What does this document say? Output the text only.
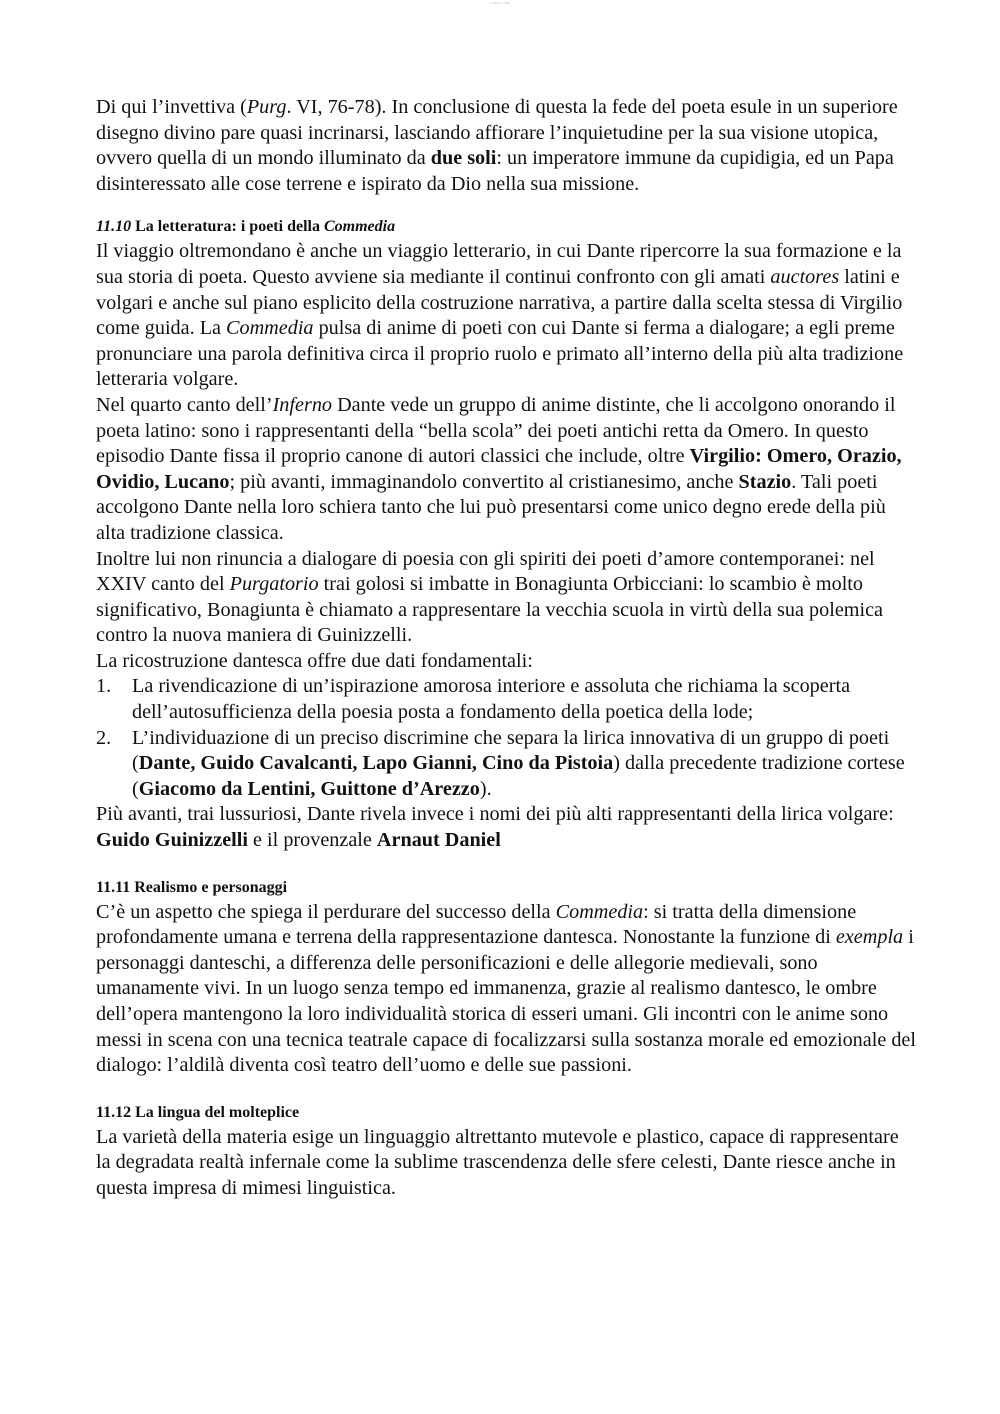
Lusso Unifi

Di qui l’invettiva (Purg. VI, 76-78). In conclusione di questa la fede del poeta esule in un superiore disegno divino pare quasi incrinarsi, lasciando affiorare l’inquietudine per la sua visione utopica, ovvero quella di un mondo illuminato da due soli: un imperatore immune da cupidigia, ed un Papa disinteressato alle cose terrene e ispirato da Dio nella sua missione.

11.10 La letteratura: i poeti della Commedia

Il viaggio oltremondano è anche un viaggio letterario, in cui Dante ripercorre la sua formazione e la sua storia di poeta. Questo avviene sia mediante il continui confronto con gli amati auctores latini e volgari e anche sul piano esplicito della costruzione narrativa, a partire dalla scelta stessa di Virgilio come guida. La Commedia pulsa di anime di poeti con cui Dante si ferma a dialogare; a egli preme pronunciare una parola definitiva circa il proprio ruolo e primato all’interno della più alta tradizione letteraria volgare.

Nel quarto canto dell’Inferno Dante vede un gruppo di anime distinte, che li accolgono onorando il poeta latino: sono i rappresentanti della “bella scola” dei poeti antichi retta da Omero. In questo episodio Dante fissa il proprio canone di autori classici che include, oltre Virgilio: Omero, Orazio, Ovidio, Lucano; più avanti, immaginandolo convertito al cristianesimo, anche Stazio. Tali poeti accolgono Dante nella loro schiera tanto che lui può presentarsi come unico degno erede della più alta tradizione classica.

Inoltre lui non rinuncia a dialogare di poesia con gli spiriti dei poeti d’amore contemporanei: nel XXIV canto del Purgatorio trai golosi si imbatte in Bonagiunta Orbicciani: lo scambio è molto significativo, Bonagiunta è chiamato a rappresentare la vecchia scuola in virtù della sua polemica contro la nuova maniera di Guinizzelli.

La ricostruzione dantesca offre due dati fondamentali:

1. La rivendicazione di un’ispirazione amorosa interiore e assoluta che richiama la scoperta dell’autosufficienza della poesia posta a fondamento della poetica della lode;
2. L’individuazione di un preciso discrimine che separa la lirica innovativa di un gruppo di poeti (Dante, Guido Cavalcanti, Lapo Gianni, Cino da Pistoia) dalla precedente tradizione cortese (Giacomo da Lentini, Guittone d’Arezzo).

Più avanti, trai lussuriosi, Dante rivela invece i nomi dei più alti rappresentanti della lirica volgare: Guido Guinizzelli e il provenzale Arnaut Daniel

11.11 Realismo e personaggi

C’è un aspetto che spiega il perdurare del successo della Commedia: si tratta della dimensione profondamente umana e terrena della rappresentazione dantesca. Nonostante la funzione di exempla i personaggi danteschi, a differenza delle personificazioni e delle allegorie medievali, sono umanamente vivi. In un luogo senza tempo ed immanenza, grazie al realismo dantesco, le ombre dell’opera mantengono la loro individualità storica di esseri umani. Gli incontri con le anime sono messi in scena con una tecnica teatrale capace di focalizzarsi sulla sostanza morale ed emozionale del dialogo: l’aldilà diventa così teatro dell’uomo e delle sue passioni.

11.12 La lingua del molteplice

La varietà della materia esige un linguaggio altrettanto mutevole e plastico, capace di rappresentare la degradata realtà infernale come la sublime trascendenza delle sfere celesti, Dante riesce anche in questa impresa di mimesi linguistica.
